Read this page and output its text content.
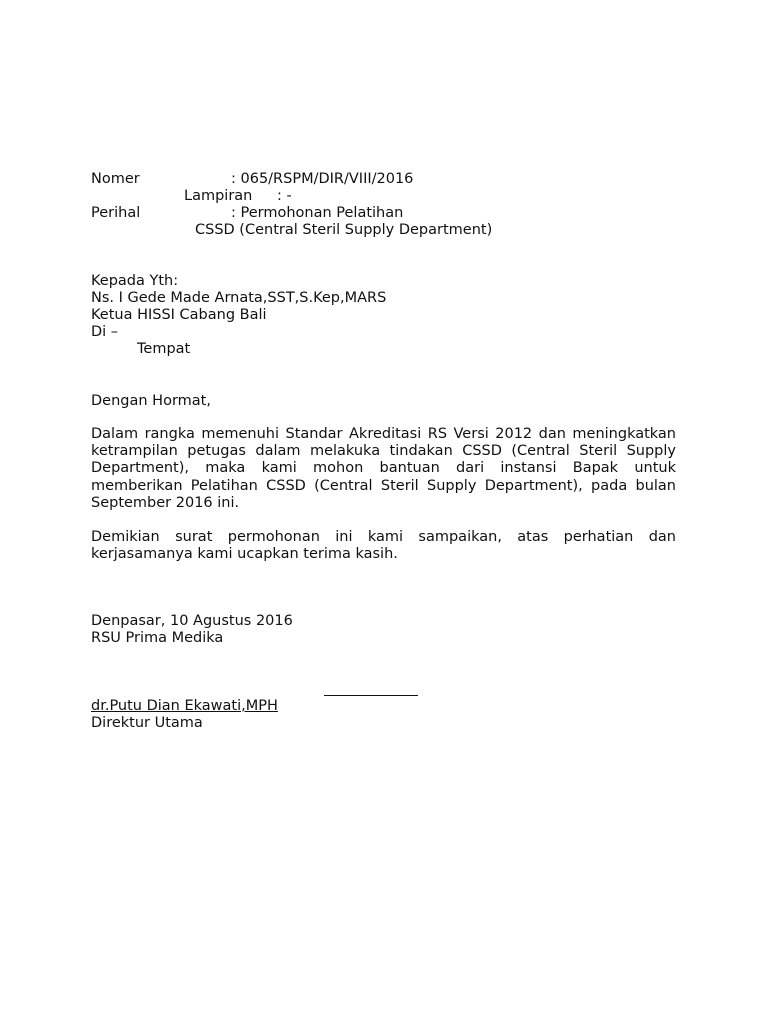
Nomer	: 065/RSPM/DIR/VIII/2016
Lampiran : -
Perihal	: Permohonan Pelatihan
CSSD (Central Steril Supply Department)
Kepada Yth:
Ns. I Gede Made Arnata,SST,S.Kep,MARS
Ketua HISSI Cabang Bali
Di –
Tempat
Dengan Hormat,
Dalam rangka memenuhi Standar Akreditasi RS Versi 2012 dan meningkatkan ketrampilan petugas dalam melakuka tindakan CSSD (Central Steril Supply Department), maka kami mohon bantuan dari instansi Bapak untuk memberikan Pelatihan CSSD (Central Steril Supply Department), pada bulan September 2016 ini.
Demikian surat permohonan ini kami sampaikan, atas perhatian dan kerjasamanya kami ucapkan terima kasih.
Denpasar, 10 Agustus 2016
RSU Prima Medika
dr.Putu Dian Ekawati,MPH
Direktur Utama
